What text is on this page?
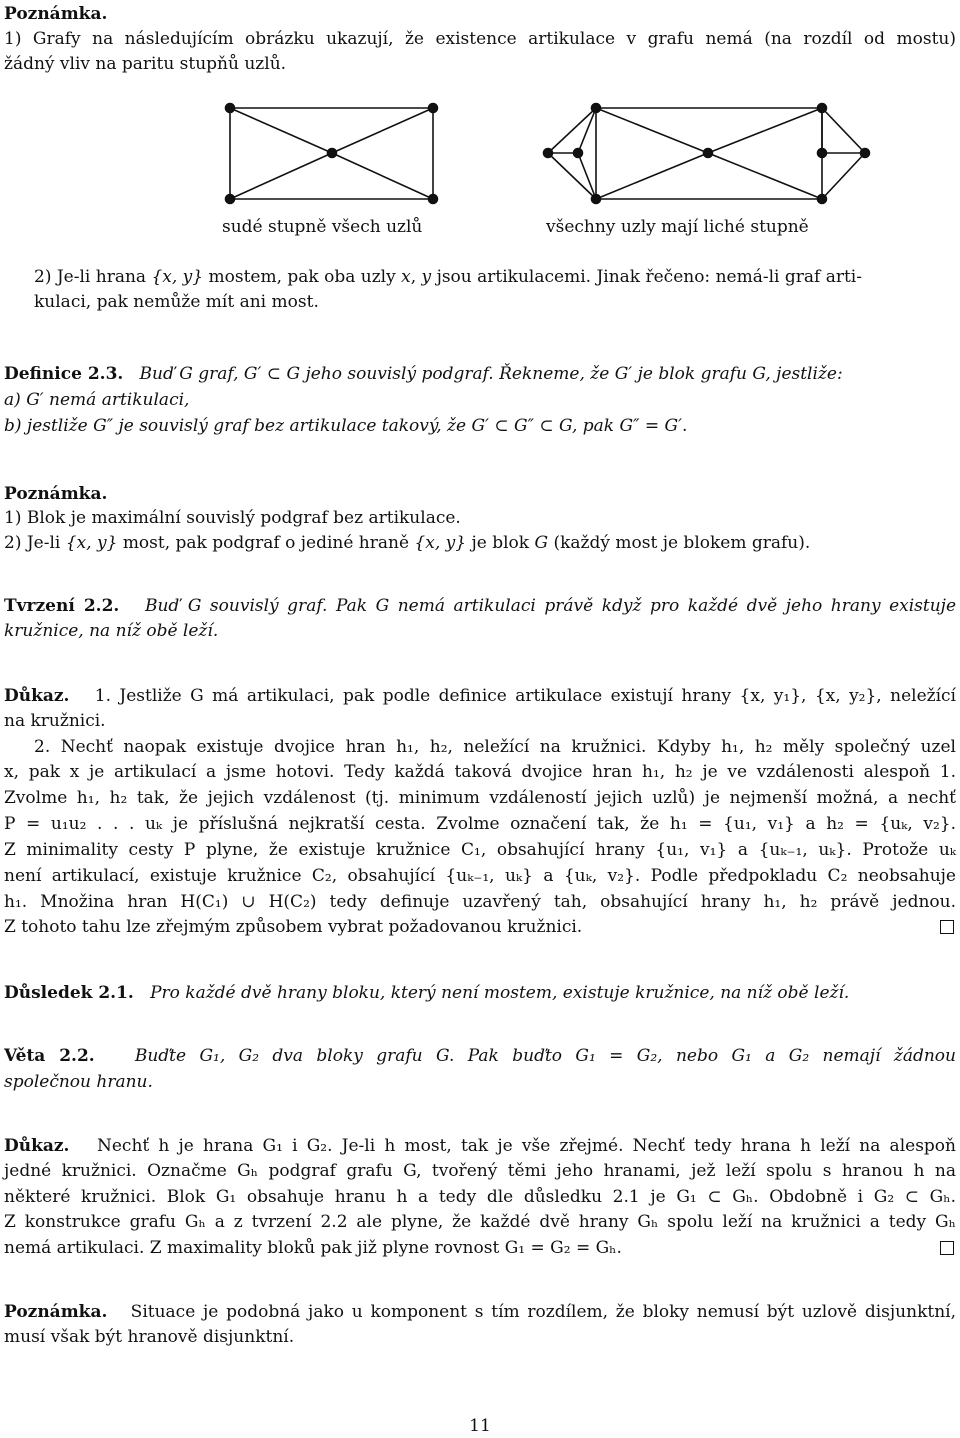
Poznámka.
1) Grafy na následujícím obrázku ukazují, že existence artikulace v grafu nemá (na rozdíl od mostu)
žádný vliv na paritu stupňů uzlů.
sudé stupně všech uzlů	všechny uzly mají liché stupně
2) Je-li hrana {x, y} mostem, pak oba uzly x, y jsou artikulacemi. Jinak řečeno: nemá-li graf arti-
kulaci, pak nemůže mít ani most.
Definice 2.3. Buď G graf, G′ ⊂ G jeho souvislý podgraf. Řekneme, že G′ je blok grafu G, jestliže:
a) G′ nemá artikulaci,
b) jestliže G″ je souvislý graf bez artikulace takový, že G′ ⊂ G″ ⊂ G, pak G″ = G′.
Poznámka.
1) Blok je maximální souvislý podgraf bez artikulace.
2) Je-li {x, y} most, pak podgraf o jediné hraně {x, y} je blok G (každý most je blokem grafu).
Tvrzení 2.2. Buď G souvislý graf. Pak G nemá artikulaci právě když pro každé dvě jeho hrany existuje
kružnice, na níž obě leží.
Důkaz. 1. Jestliže G má artikulaci, pak podle definice artikulace existují hrany {x, y₁}, {x, y₂}, neležící
na kružnici.
2. Nechť naopak existuje dvojice hran h₁, h₂, neležící na kružnici. Kdyby h₁, h₂ měly společný uzel
x, pak x je artikulací a jsme hotovi. Tedy každá taková dvojice hran h₁, h₂ je ve vzdálenosti alespoň 1.
Zvolme h₁, h₂ tak, že jejich vzdálenost (tj. minimum vzdáleností jejich uzlů) je nejmenší možná, a nechť
P = u₁u₂ . . . uₖ je příslušná nejkratší cesta. Zvolme označení tak, že h₁ = {u₁, v₁} a h₂ = {uₖ, v₂}.
Z minimality cesty P plyne, že existuje kružnice C₁, obsahující hrany {u₁, v₁} a {uₖ₋₁, uₖ}. Protože uₖ
není artikulací, existuje kružnice C₂, obsahující {uₖ₋₁, uₖ} a {uₖ, v₂}. Podle předpokladu C₂ neobsahuje
h₁. Množina hran H(C₁) ∪ H(C₂) tedy definuje uzavřený tah, obsahující hrany h₁, h₂ právě jednou.
Z tohoto tahu lze zřejmým způsobem vybrat požadovanou kružnici.
Důsledek 2.1. Pro každé dvě hrany bloku, který není mostem, existuje kružnice, na níž obě leží.
Věta 2.2. Buďte G₁, G₂ dva bloky grafu G. Pak buďto G₁ = G₂, nebo G₁ a G₂ nemají žádnou
společnou hranu.
Důkaz. Nechť h je hrana G₁ i G₂. Je-li h most, tak je vše zřejmé. Nechť tedy hrana h leží na alespoň
jedné kružnici. Označme Gₕ podgraf grafu G, tvořený těmi jeho hranami, jež leží spolu s hranou h na
některé kružnici. Blok G₁ obsahuje hranu h a tedy dle důsledku 2.1 je G₁ ⊂ Gₕ. Obdobně i G₂ ⊂ Gₕ.
Z konstrukce grafu Gₕ a z tvrzení 2.2 ale plyne, že každé dvě hrany Gₕ spolu leží na kružnici a tedy Gₕ
nemá artikulaci. Z maximality bloků pak již plyne rovnost G₁ = G₂ = Gₕ.
Poznámka. Situace je podobná jako u komponent s tím rozdílem, že bloky nemusí být uzlově disjunktní,
musí však být hranově disjunktní.
11
